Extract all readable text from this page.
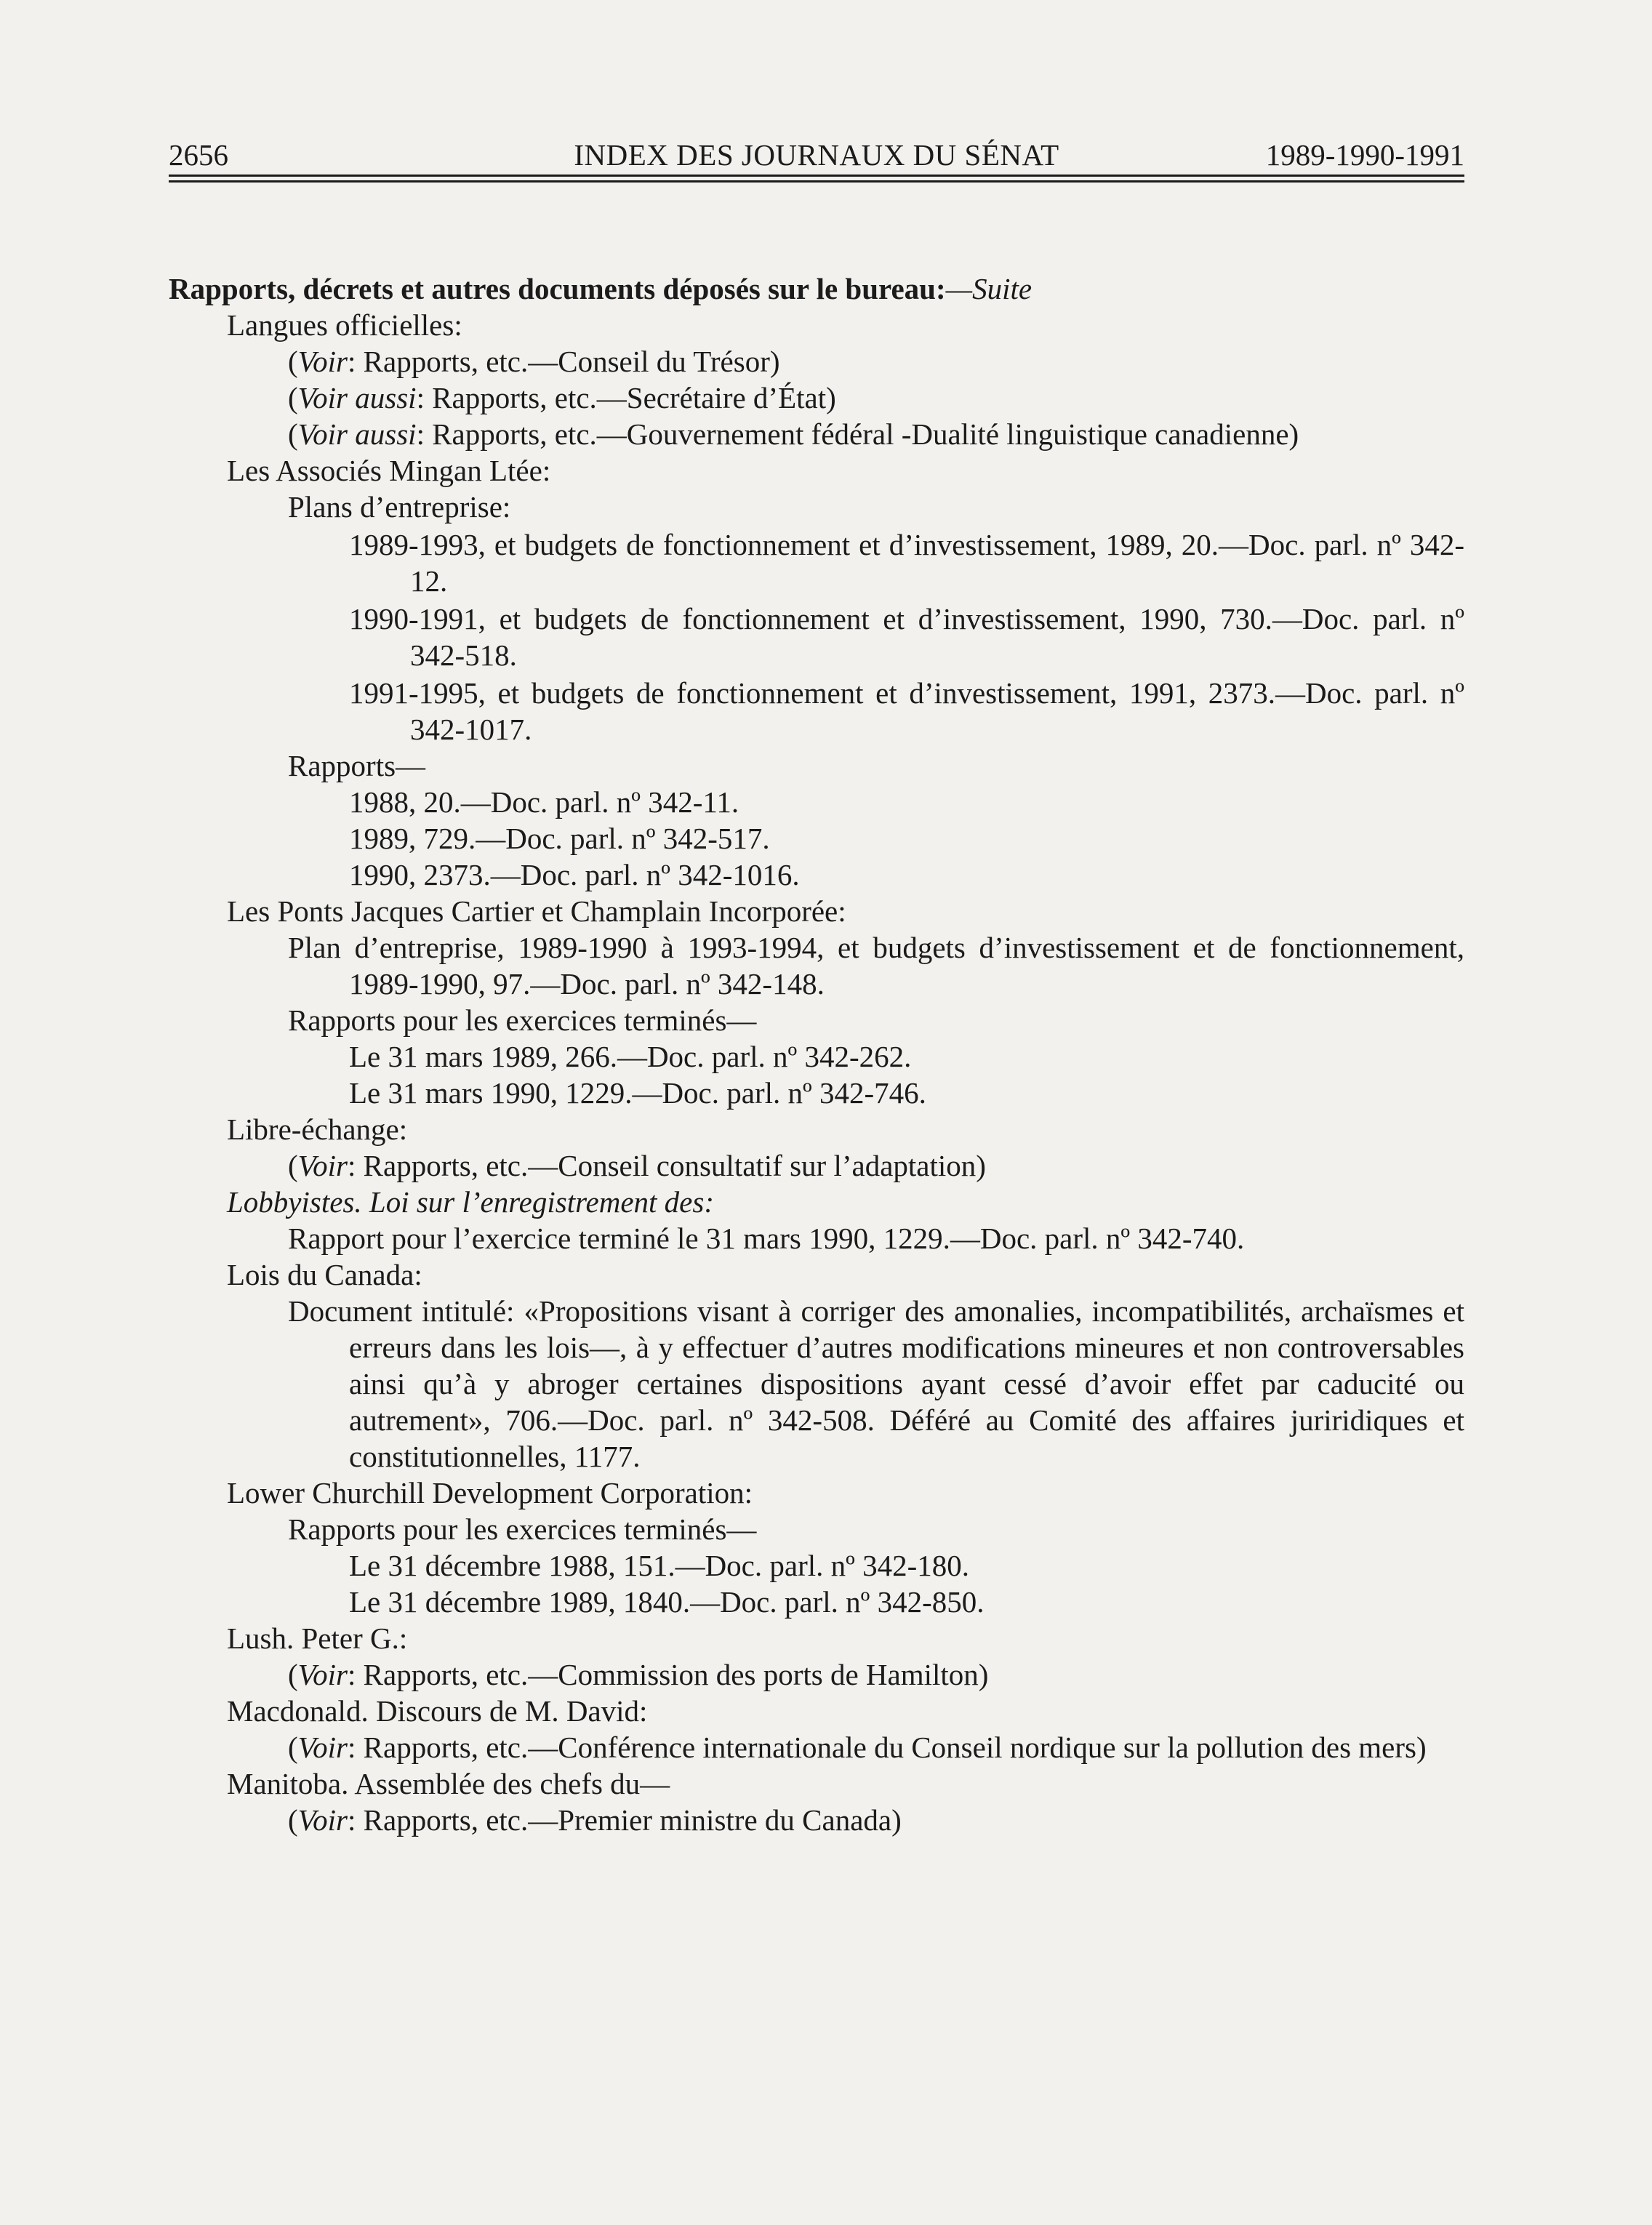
2656	INDEX DES JOURNAUX DU SÉNAT	1989-1990-1991

Rapports, décrets et autres documents déposés sur le bureau:—Suite

Langues officielles:

(Voir: Rapports, etc.—Conseil du Trésor)

(Voir aussi: Rapports, etc.—Secrétaire d’État)

(Voir aussi: Rapports, etc.—Gouvernement fédéral -Dualité linguistique canadienne)

Les Associés Mingan Ltée:

Plans d’entreprise:

1989-1993, et budgets de fonctionnement et d’investissement, 1989, 20.—Doc. parl. nº 342-12.

1990-1991, et budgets de fonctionnement et d’investissement, 1990, 730.—Doc. parl. nº 342-518.

1991-1995, et budgets de fonctionnement et d’investissement, 1991, 2373.—Doc. parl. nº 342-1017.

Rapports—

1988, 20.—Doc. parl. nº 342-11.

1989, 729.—Doc. parl. nº 342-517.

1990, 2373.—Doc. parl. nº 342-1016.

Les Ponts Jacques Cartier et Champlain Incorporée:

Plan d’entreprise, 1989-1990 à 1993-1994, et budgets d’investissement et de fonctionnement, 1989-1990, 97.—Doc. parl. nº 342-148.

Rapports pour les exercices terminés—

Le 31 mars 1989, 266.—Doc. parl. nº 342-262.

Le 31 mars 1990, 1229.—Doc. parl. nº 342-746.

Libre-échange:

(Voir: Rapports, etc.—Conseil consultatif sur l’adaptation)

Lobbyistes. Loi sur l’enregistrement des:

Rapport pour l’exercice terminé le 31 mars 1990, 1229.—Doc. parl. nº 342-740.

Lois du Canada:

Document intitulé: «Propositions visant à corriger des amonalies, incompatibilités, archaïsmes et erreurs dans les lois—, à y effectuer d’autres modifications mineures et non controversables ainsi qu’à y abroger certaines dispositions ayant cessé d’avoir effet par caducité ou autrement», 706.—Doc. parl. nº 342-508. Déféré au Comité des affaires juriridiques et constitutionnelles, 1177.

Lower Churchill Development Corporation:

Rapports pour les exercices terminés—

Le 31 décembre 1988, 151.—Doc. parl. nº 342-180.

Le 31 décembre 1989, 1840.—Doc. parl. nº 342-850.

Lush. Peter G.:

(Voir: Rapports, etc.—Commission des ports de Hamilton)

Macdonald. Discours de M. David:

(Voir: Rapports, etc.—Conférence internationale du Conseil nordique sur la pollution des mers)

Manitoba. Assemblée des chefs du—

(Voir: Rapports, etc.—Premier ministre du Canada)
